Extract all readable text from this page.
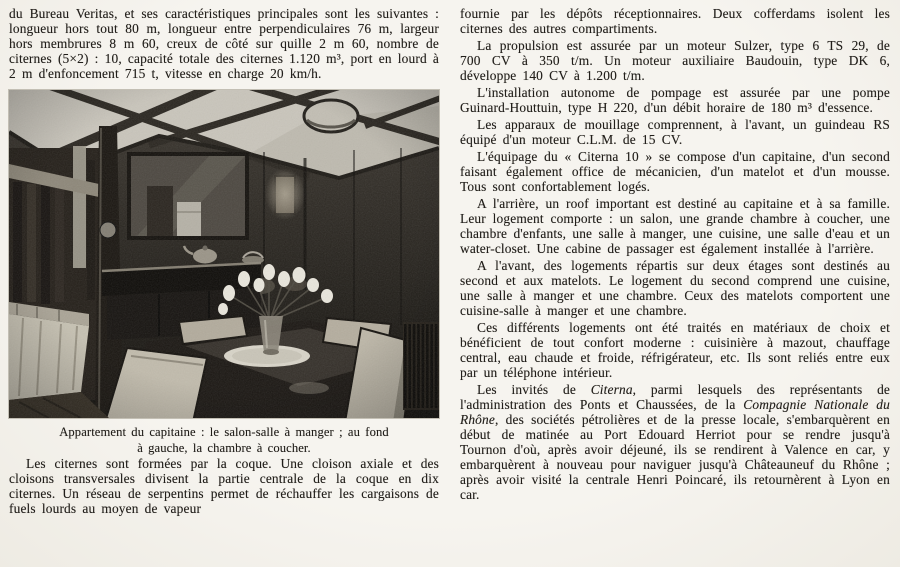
du Bureau Veritas, et ses caractéristiques principales sont les suivantes : longueur hors tout 80 m, longueur entre perpendiculaires 76 m, largeur hors membrures 8 m 60, creux de côté sur quille 2 m 60, nombre de citernes (5×2) : 10, capacité totale des citernes 1.120 m³, port en lourd à 2 m d'enfoncement 715 t, vitesse en charge 20 km/h.

Appartement du capitaine : le salon-salle à manger ; au fond
à gauche, la chambre à coucher.

Les citernes sont formées par la coque. Une cloison axiale et des cloisons transversales divisent la partie centrale de la coque en dix citernes. Un réseau de serpentins permet de réchauffer les cargaisons de fuels lourds au moyen de vapeur

fournie par les dépôts réceptionnaires. Deux cofferdams isolent les citernes des autres compartiments.

La propulsion est assurée par un moteur Sulzer, type 6 TS 29, de 700 CV à 350 t/m. Un moteur auxiliaire Baudouin, type DK 6, développe 140 CV à 1.200 t/m.

L'installation autonome de pompage est assurée par une pompe Guinard-Houttuin, type H 220, d'un débit horaire de 180 m³ d'essence.

Les apparaux de mouillage comprennent, à l'avant, un guindeau RS équipé d'un moteur C.L.M. de 15 CV.

L'équipage du « Citerna 10 » se compose d'un capitaine, d'un second faisant également office de mécanicien, d'un matelot et d'un mousse. Tous sont confortablement logés.

A l'arrière, un roof important est destiné au capitaine et à sa famille. Leur logement comporte : un salon, une grande chambre à coucher, une chambre d'enfants, une salle à manger, une cuisine, une salle d'eau et un water-closet. Une cabine de passager est également installée à l'arrière.

A l'avant, des logements répartis sur deux étages sont destinés au second et aux matelots. Le logement du second comprend une cuisine, une salle à manger et une chambre. Ceux des matelots comportent une cuisine-salle à manger et une chambre.

Ces différents logements ont été traités en matériaux de choix et bénéficient de tout confort moderne : cuisinière à mazout, chauffage central, eau chaude et froide, réfrigérateur, etc. Ils sont reliés entre eux par un téléphone intérieur.

Les invités de Citerna, parmi lesquels des représentants de l'administration des Ponts et Chaussées, de la Compagnie Nationale du Rhône, des sociétés pétrolières et de la presse locale, s'embarquèrent en début de matinée au Port Edouard Herriot pour se rendre jusqu'à Tournon d'où, après avoir déjeuné, ils se rendirent à Valence en car, y embarquèrent à nouveau pour naviguer jusqu'à Châteauneuf du Rhône ; après avoir visité la centrale Henri Poincaré, ils retournèrent à Lyon en car.
